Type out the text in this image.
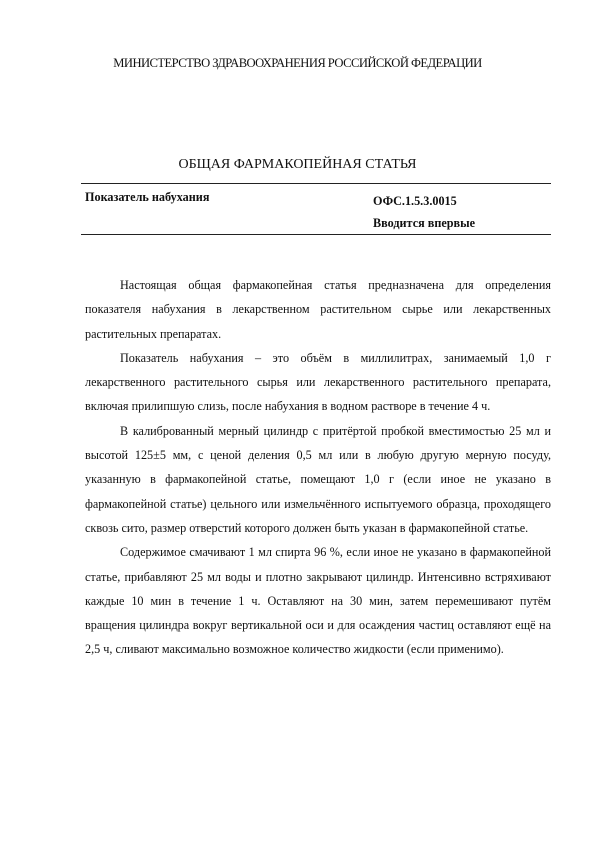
МИНИСТЕРСТВО ЗДРАВООХРАНЕНИЯ РОССИЙСКОЙ ФЕДЕРАЦИИ
ОБЩАЯ ФАРМАКОПЕЙНАЯ СТАТЬЯ
Показатель набухания	ОФС.1.5.3.0015
Вводится впервые

Настоящая общая фармакопейная статья предназначена для определения показателя набухания в лекарственном растительном сырье или лекарственных растительных препаратах.

Показатель набухания – это объём в миллилитрах, занимаемый 1,0 г лекарственного растительного сырья или лекарственного растительного препарата, включая прилипшую слизь, после набухания в водном растворе в течение 4 ч.

В калиброванный мерный цилиндр с притёртой пробкой вместимостью 25 мл и высотой 125±5 мм, с ценой деления 0,5 мл или в любую другую мерную посуду, указанную в фармакопейной статье, помещают 1,0 г (если иное не указано в фармакопейной статье) цельного или измельчённого испытуемого образца, проходящего сквозь сито, размер отверстий которого должен быть указан в фармакопейной статье.

Содержимое смачивают 1 мл спирта 96 %, если иное не указано в фармакопейной статье, прибавляют 25 мл воды и плотно закрывают цилиндр. Интенсивно встряхивают каждые 10 мин в течение 1 ч. Оставляют на 30 мин, затем перемешивают путём вращения цилиндра вокруг вертикальной оси и для осаждения частиц оставляют ещё на 2,5 ч, сливают максимально возможное количество жидкости (если применимо).
